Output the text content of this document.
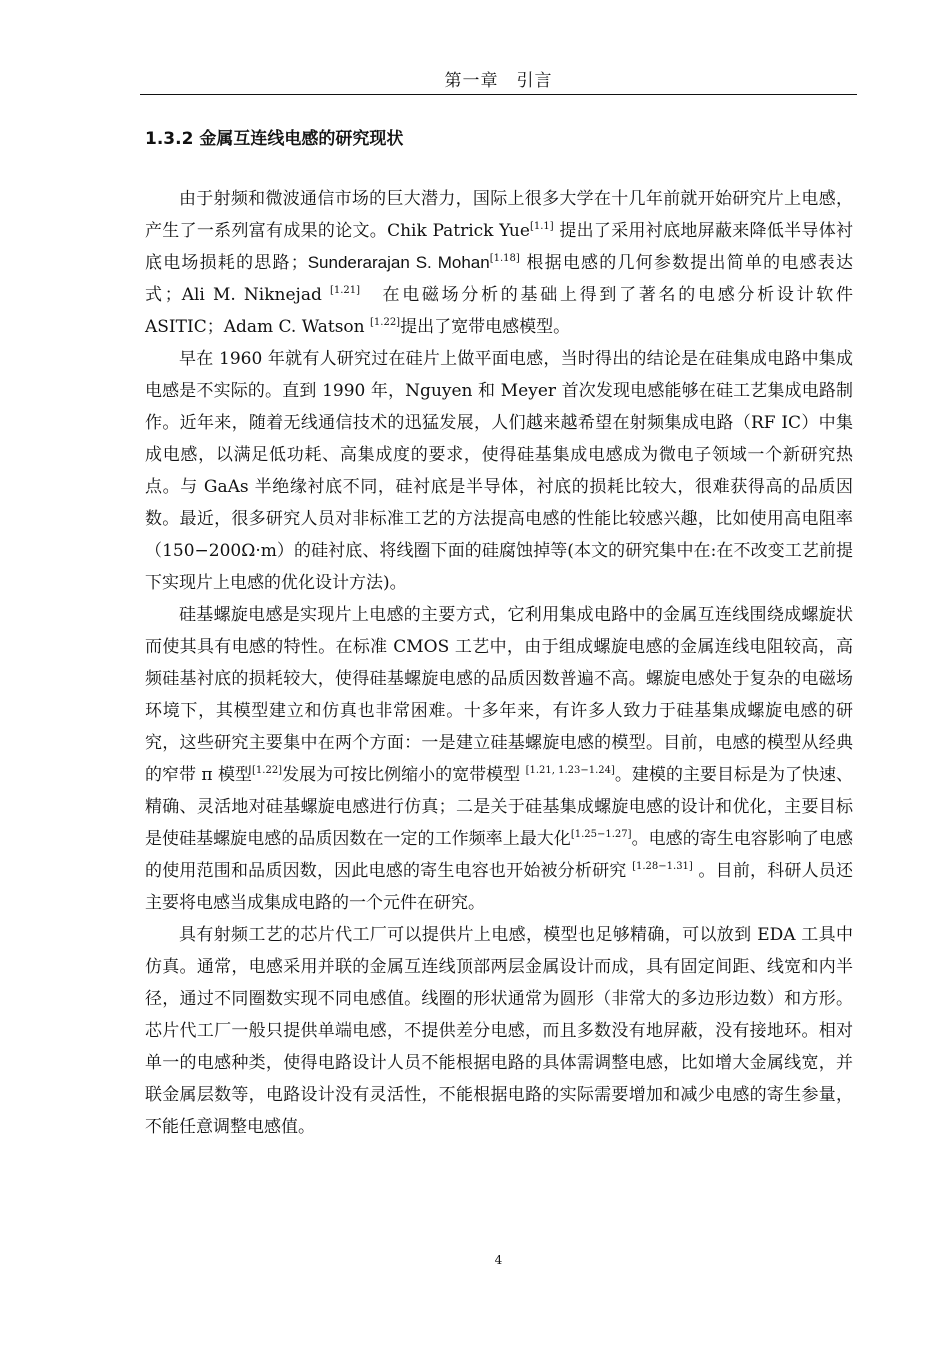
第一章　引言
1.3.2 金属互连线电感的研究现状

由于射频和微波通信市场的巨大潜力，国际上很多大学在十几年前就开始研究片上电感，产生了一系列富有成果的论文。Chik Patrick Yue[1.1] 提出了采用衬底地屏蔽来降低半导体衬底电场损耗的思路；Sunderarajan S. Mohan[1.18] 根据电感的几何参数提出简单的电感表达式；Ali M. Niknejad [1.21]　在电磁场分析的基础上得到了著名的电感分析设计软件 ASITIC；Adam C. Watson [1.22]提出了宽带电感模型。

早在 1960 年就有人研究过在硅片上做平面电感，当时得出的结论是在硅集成电路中集成电感是不实际的。直到 1990 年，Nguyen 和 Meyer 首次发现电感能够在硅工艺集成电路制作。近年来，随着无线通信技术的迅猛发展，人们越来越希望在射频集成电路（RF IC）中集成电感，以满足低功耗、高集成度的要求，使得硅基集成电感成为微电子领域一个新研究热点。与 GaAs 半绝缘衬底不同，硅衬底是半导体，衬底的损耗比较大，很难获得高的品质因数。最近，很多研究人员对非标准工艺的方法提高电感的性能比较感兴趣，比如使用高电阻率（150−200Ω·m）的硅衬底、将线圈下面的硅腐蚀掉等(本文的研究集中在:在不改变工艺前提下实现片上电感的优化设计方法)。

硅基螺旋电感是实现片上电感的主要方式，它利用集成电路中的金属互连线围绕成螺旋状而使其具有电感的特性。在标准 CMOS 工艺中，由于组成螺旋电感的金属连线电阻较高，高频硅基衬底的损耗较大，使得硅基螺旋电感的品质因数普遍不高。螺旋电感处于复杂的电磁场环境下，其模型建立和仿真也非常困难。十多年来，有许多人致力于硅基集成螺旋电感的研究，这些研究主要集中在两个方面：一是建立硅基螺旋电感的模型。目前，电感的模型从经典的窄带 π 模型[1.22]发展为可按比例缩小的宽带模型 [1.21, 1.23−1.24]。建模的主要目标是为了快速、精确、灵活地对硅基螺旋电感进行仿真；二是关于硅基集成螺旋电感的设计和优化，主要目标是使硅基螺旋电感的品质因数在一定的工作频率上最大化[1.25−1.27]。电感的寄生电容影响了电感的使用范围和品质因数，因此电感的寄生电容也开始被分析研究 [1.28−1.31] 。目前，科研人员还主要将电感当成集成电路的一个元件在研究。

具有射频工艺的芯片代工厂可以提供片上电感，模型也足够精确，可以放到 EDA 工具中仿真。通常，电感采用并联的金属互连线顶部两层金属设计而成，具有固定间距、线宽和内半径，通过不同圈数实现不同电感值。线圈的形状通常为圆形（非常大的多边形边数）和方形。芯片代工厂一般只提供单端电感，不提供差分电感，而且多数没有地屏蔽，没有接地环。相对单一的电感种类，使得电路设计人员不能根据电路的具体需调整电感，比如增大金属线宽，并联金属层数等，电路设计没有灵活性，不能根据电路的实际需要增加和减少电感的寄生参量，不能任意调整电感值。

4
